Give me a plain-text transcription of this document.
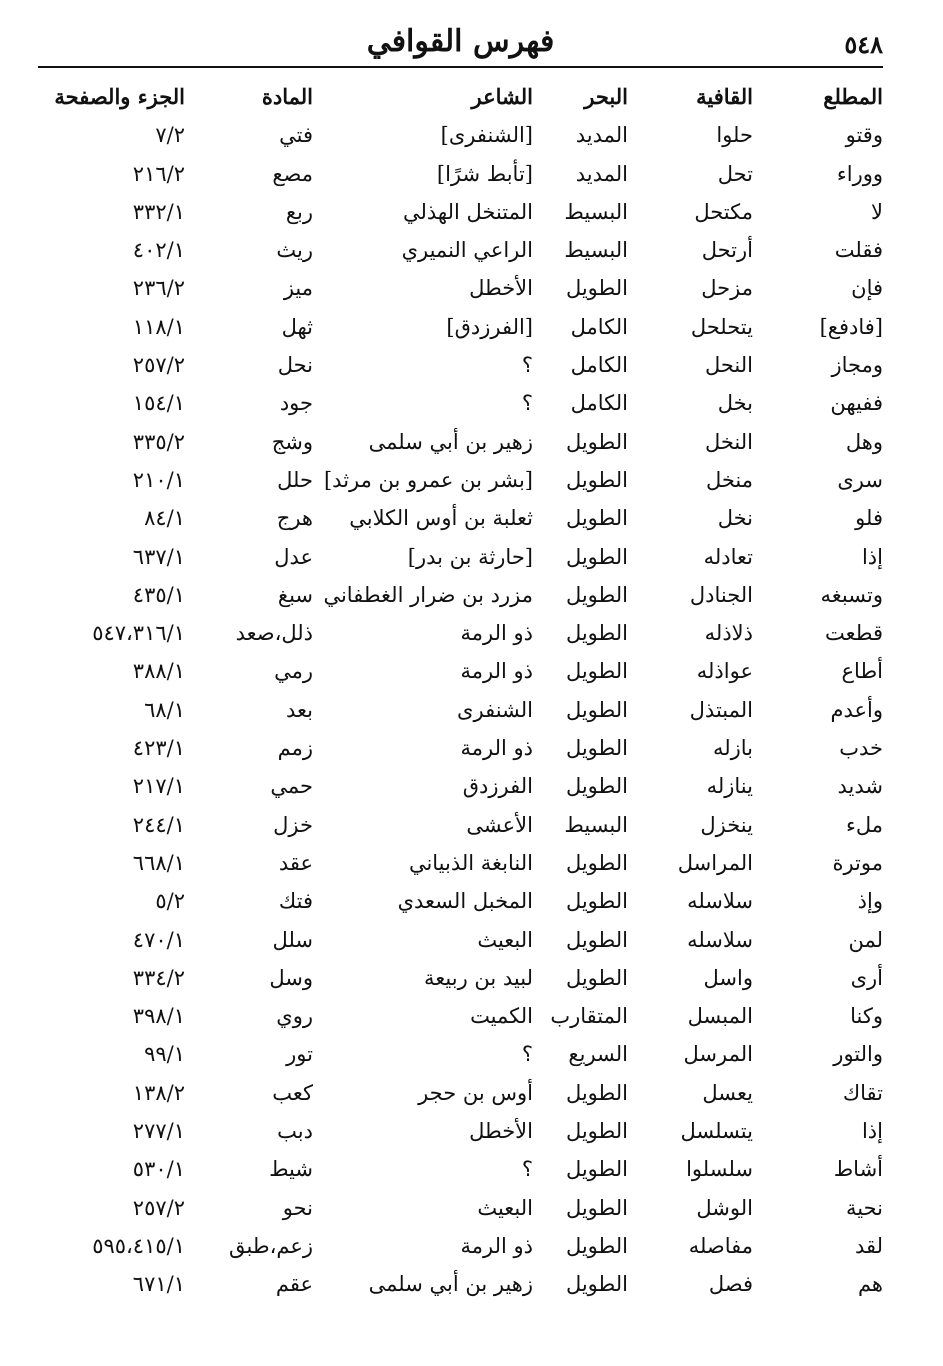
فهرس القوافي	٥٤٨
المطلع
القافية
البحر
الشاعر
المادة
الجزء والصفحة
وقتو
حلوا
المديد
[الشنفرى]
فتي
٧/٢
ووراء
تحل
المديد
[تأبط شرًا]
مصع
٢١٦/٢
لا
مكتحل
البسيط
المتنخل الهذلي
ربع
٣٣٢/١
فقلت
أرتحل
البسيط
الراعي النميري
ريث
٤٠٢/١
فإن
مزحل
الطويل
الأخطل
ميز
٢٣٦/٢
[فادفع]
يتحلحل
الكامل
[الفرزدق]
ثهل
١١٨/١
ومجاز
النحل
الكامل
؟
نحل
٢٥٧/٢
ففيهن
بخل
الكامل
؟
جود
١٥٤/١
وهل
النخل
الطويل
زهير بن أبي سلمى
وشج
٣٣٥/٢
سرى
منخل
الطويل
[بشر بن عمرو بن مرثد]
حلل
٢١٠/١
فلو
نخل
الطويل
ثعلبة بن أوس الكلابي
هرج
٨٤/١
إذا
تعادله
الطويل
[حارثة بن بدر]
عدل
٦٣٧/١
وتسبغه
الجنادل
الطويل
مزرد بن ضرار الغطفاني
سبغ
٤٣٥/١
قطعت
ذلاذله
الطويل
ذو الرمة
ذلل،صعد
٥٤٧،٣١٦/١
أطاع
عواذله
الطويل
ذو الرمة
رمي
٣٨٨/١
وأعدم
المبتذل
الطويل
الشنفرى
بعد
٦٨/١
خدب
بازله
الطويل
ذو الرمة
زمم
٤٢٣/١
شديد
ينازله
الطويل
الفرزدق
حمي
٢١٧/١
ملء
ينخزل
البسيط
الأعشى
خزل
٢٤٤/١
موترة
المراسل
الطويل
النابغة الذبياني
عقد
٦٦٨/١
وإذ
سلاسله
الطويل
المخبل السعدي
فتك
٥/٢
لمن
سلاسله
الطويل
البعيث
سلل
٤٧٠/١
أرى
واسل
الطويل
لبيد بن ربيعة
وسل
٣٣٤/٢
وكنا
المبسل
المتقارب
الكميت
روي
٣٩٨/١
والتور
المرسل
السريع
؟
تور
٩٩/١
تقاك
يعسل
الطويل
أوس بن حجر
كعب
١٣٨/٢
إذا
يتسلسل
الطويل
الأخطل
دبب
٢٧٧/١
أشاط
سلسلوا
الطويل
؟
شيط
٥٣٠/١
نحية
الوشل
الطويل
البعيث
نحو
٢٥٧/٢
لقد
مفاصله
الطويل
ذو الرمة
زعم،طبق
٥٩٥،٤١٥/١
هم
فصل
الطويل
زهير بن أبي سلمى
عقم
٦٧١/١
